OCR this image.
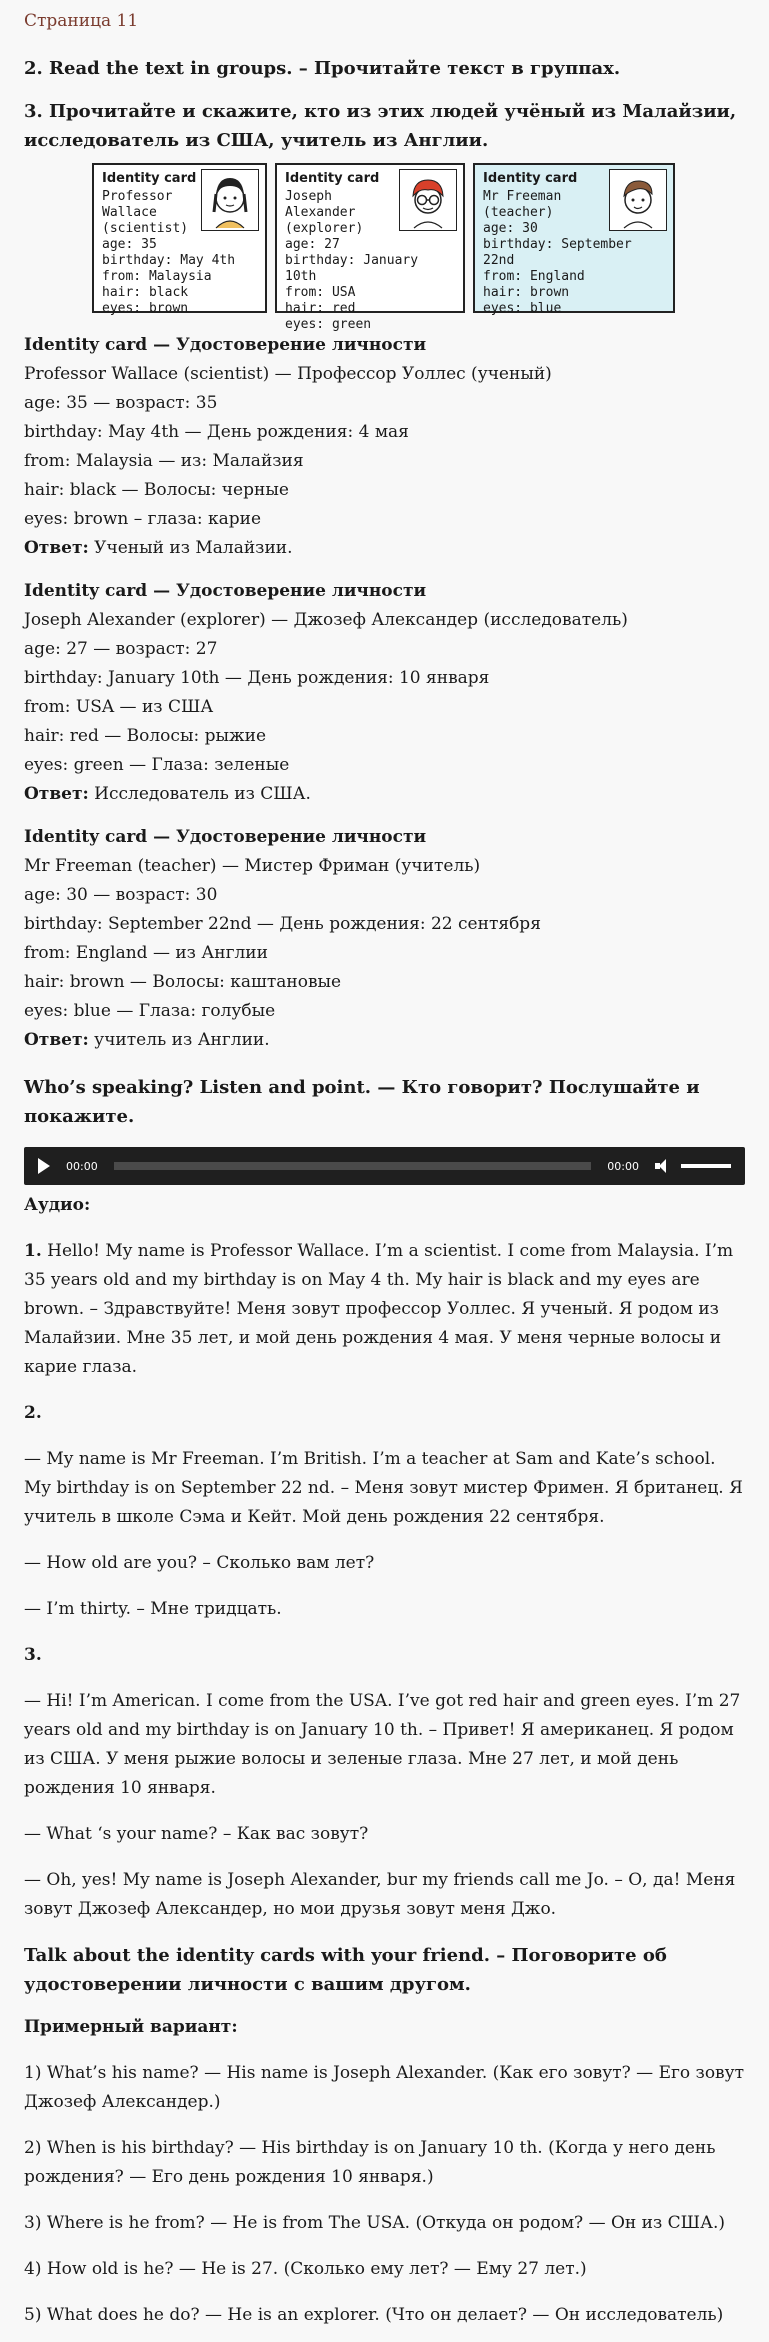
Страница 11
2. Read the text in groups. – Прочитайте текст в группах.
3. Прочитайте и скажите, кто из этих людей учёный из Малайзии, исследователь из США, учитель из Англии.
Identity card
Professor
Wallace
(scientist)
age: 35
birthday: May 4th
from: Malaysia
hair: black
eyes: brown
Identity card
Joseph
Alexander
(explorer)
age: 27
birthday: January 10th
from: USA
hair: red
eyes: green
Identity card
Mr Freeman
(teacher)
age: 30
birthday: September 22nd
from: England
hair: brown
eyes: blue
Identity card — Удостоверение личности
Professor Wallace (scientist) — Профессор Уоллес (ученый)
age: 35 — возраст: 35
birthday: May 4th — День рождения: 4 мая
from: Malaysia — из: Малайзия
hair: black — Волосы: черные
eyes: brown – глаза: карие
Ответ: Ученый из Малайзии.
Identity card — Удостоверение личности
Joseph Alexander (explorer) — Джозеф Александер (исследователь)
age: 27 — возраст: 27
birthday: January 10th — День рождения: 10 января
from: USA — из США
hair: red — Волосы: рыжие
eyes: green — Глаза: зеленые
Ответ: Исследователь из США.
Identity card — Удостоверение личности
Mr Freeman (teacher) — Мистер Фриман (учитель)
age: 30 — возраст: 30
birthday: September 22nd — День рождения: 22 сентября
from: England — из Англии
hair: brown — Волосы: каштановые
eyes: blue — Глаза: голубые
Ответ: учитель из Англии.
Who’s speaking? Listen and point. — Кто говорит? Послушайте и покажите.
00:00	00:00
Аудио:

1. Hello! My name is Professor Wallace. I’m a scientist. I come from Malaysia. I’m 35 years old and my birthday is on May 4 th. My hair is black and my eyes are brown. – Здравствуйте! Меня зовут профессор Уоллес. Я ученый. Я родом из Малайзии. Мне 35 лет, и мой день рождения 4 мая. У меня черные волосы и карие глаза.

2.

— My name is Mr Freeman. I’m British. I’m a teacher at Sam and Kate’s school. My birthday is on September 22 nd. – Меня зовут мистер Фримен. Я британец. Я учитель в школе Сэма и Кейт. Мой день рождения 22 сентября.

— How old are you? – Сколько вам лет?

— I’m thirty. – Мне тридцать.

3.

— Hi! I’m American. I come from the USA. I’ve got red hair and green eyes. I’m 27 years old and my birthday is on January 10 th. – Привет! Я американец. Я родом из США. У меня рыжие волосы и зеленые глаза. Мне 27 лет, и мой день рождения 10 января.

— What ‘s your name? – Как вас зовут?

— Oh, yes! My name is Joseph Alexander, bur my friends call me Jo. – О, да! Меня зовут Джозеф Александер, но мои друзья зовут меня Джо.

Talk about the identity cards with your friend. – Поговорите об удостоверении личности с вашим другом.

Примерный вариант:

1) What’s his name? — His name is Joseph Alexander. (Как его зовут? — Его зовут Джозеф Александер.)

2) When is his birthday? — His birthday is on January 10 th. (Когда у него день рождения? — Его день рождения 10 января.)

3) Where is he from? — He is from The USA. (Откуда он родом? — Он из США.)

4) How old is he? — He is 27. (Сколько ему лет? — Ему 27 лет.)

5) What does he do? — He is an explorer. (Что он делает? — Он исследователь)
